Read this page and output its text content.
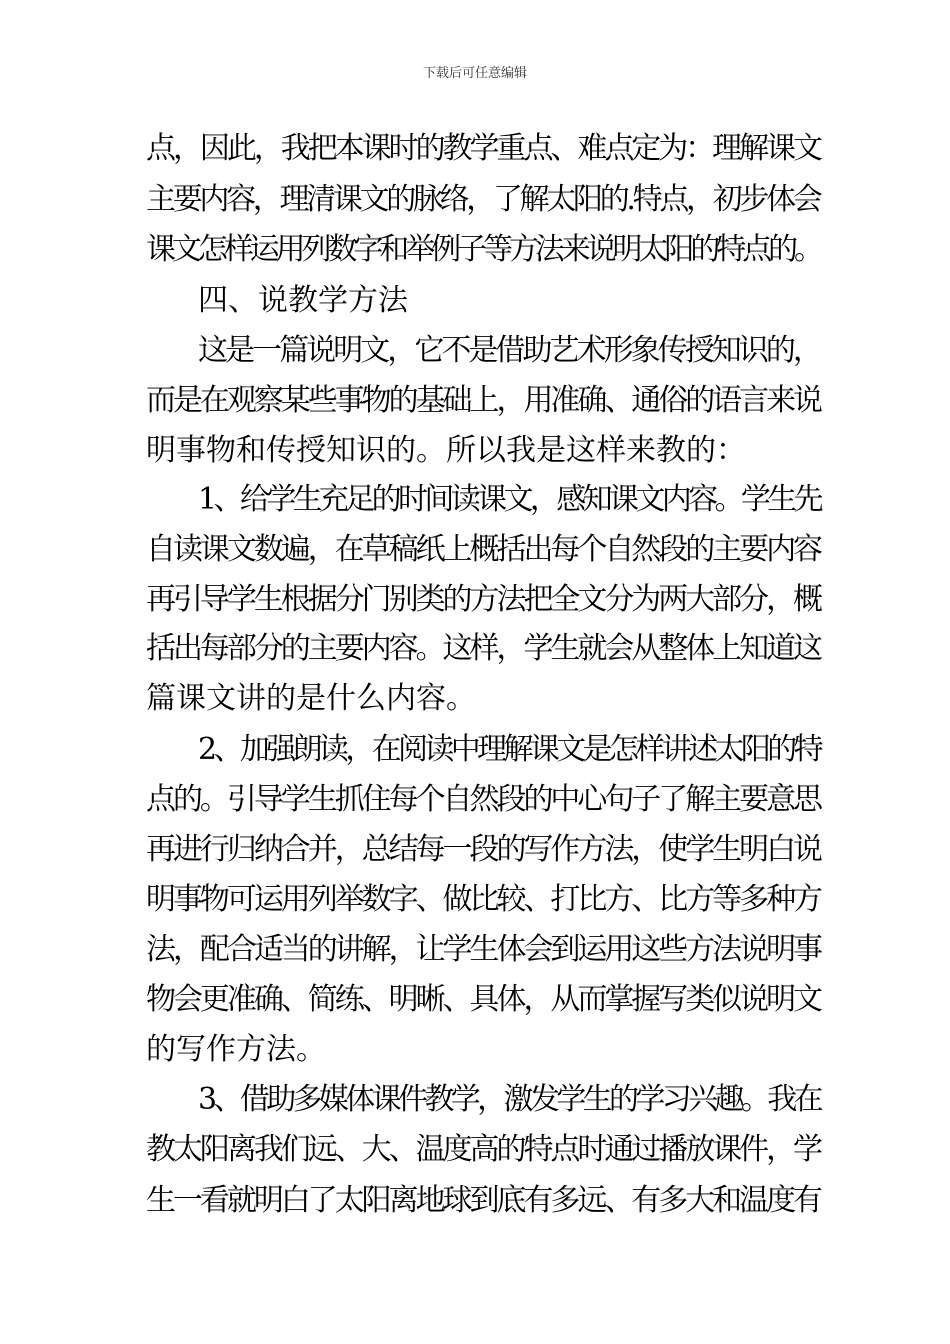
下载后可任意编辑

点，因此，我把本课时的教学重点、难点定为：理解课文

主要内容，理清课文的脉络，了解太阳的.特点，初步体会

课文怎样运用列数字和举例子等方法来说明太阳的特点的。

四、说教学方法

这是一篇说明文，它不是借助艺术形象传授知识的，

而是在观察某些事物的基础上，用准确、通俗的语言来说

明事物和传授知识的。所以我是这样来教的：

1、给学生充足的时间读课文，感知课文内容。学生先

自读课文数遍，在草稿纸上概括出每个自然段的主要内容

再引导学生根据分门别类的方法把全文分为两大部分，概

括出每部分的主要内容。这样，学生就会从整体上知道这

篇课文讲的是什么内容。

2、加强朗读，在阅读中理解课文是怎样讲述太阳的特

点的。引导学生抓住每个自然段的中心句子了解主要意思

再进行归纳合并，总结每一段的写作方法，使学生明白说

明事物可运用列举数字、做比较、打比方、比方等多种方

法，配合适当的讲解，让学生体会到运用这些方法说明事

物会更准确、简练、明晰、具体，从而掌握写类似说明文

的写作方法。

3、借助多媒体课件教学，激发学生的学习兴趣。我在

教太阳离我们远、大、温度高的特点时通过播放课件，学

生一看就明白了太阳离地球到底有多远、有多大和温度有
